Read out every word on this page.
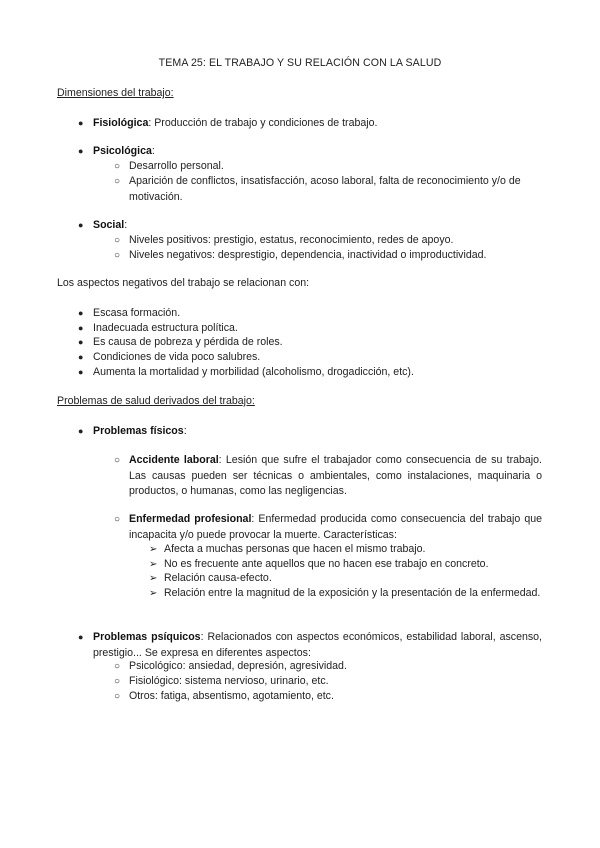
TEMA 25: EL TRABAJO Y SU RELACIÓN CON LA SALUD
Dimensiones del trabajo:
● Fisiológica: Producción de trabajo y condiciones de trabajo.
● Psicológica:
○ Desarrollo personal.
○ Aparición de conflictos, insatisfacción, acoso laboral, falta de reconocimiento y/o de motivación.
● Social:
○ Niveles positivos: prestigio, estatus, reconocimiento, redes de apoyo.
○ Niveles negativos: desprestigio, dependencia, inactividad o improductividad.
Los aspectos negativos del trabajo se relacionan con:
● Escasa formación.
● Inadecuada estructura política.
● Es causa de pobreza y pérdida de roles.
● Condiciones de vida poco salubres.
● Aumenta la mortalidad y morbilidad (alcoholismo, drogadicción, etc).
Problemas de salud derivados del trabajo:
● Problemas físicos:
○ Accidente laboral: Lesión que sufre el trabajador como consecuencia de su trabajo. Las causas pueden ser técnicas o ambientales, como instalaciones, maquinaria o productos, o humanas, como las negligencias.
○ Enfermedad profesional: Enfermedad producida como consecuencia del trabajo que incapacita y/o puede provocar la muerte. Características:
➢ Afecta a muchas personas que hacen el mismo trabajo.
➢ No es frecuente ante aquellos que no hacen ese trabajo en concreto.
➢ Relación causa-efecto.
➢ Relación entre la magnitud de la exposición y la presentación de la enfermedad.
● Problemas psíquicos: Relacionados con aspectos económicos, estabilidad laboral, ascenso, prestigio... Se expresa en diferentes aspectos:
○ Psicológico: ansiedad, depresión, agresividad.
○ Fisiológico: sistema nervioso, urinario, etc.
○ Otros: fatiga, absentismo, agotamiento, etc.
